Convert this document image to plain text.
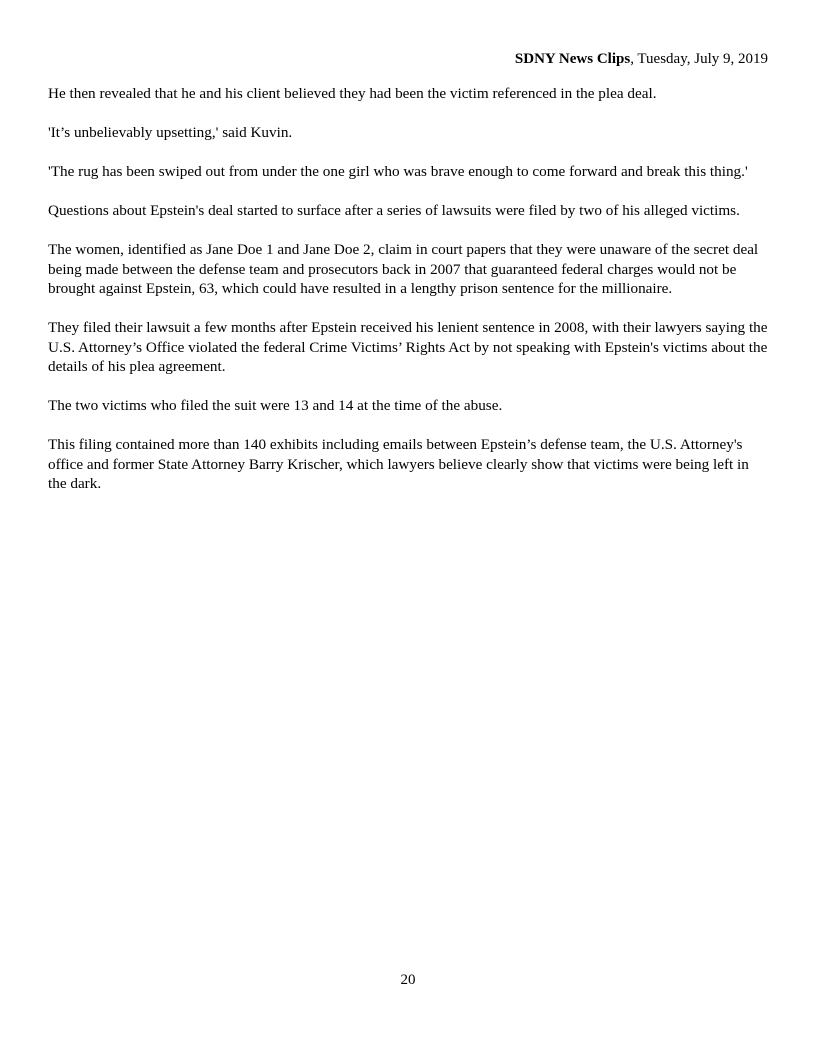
SDNY News Clips, Tuesday, July 9, 2019

He then revealed that he and his client believed they had been the victim referenced in the plea deal.

'It’s unbelievably upsetting,' said Kuvin.

'The rug has been swiped out from under the one girl who was brave enough to come forward and break this thing.'

Questions about Epstein's deal started to surface after a series of lawsuits were filed by two of his alleged victims.

The women, identified as Jane Doe 1 and Jane Doe 2, claim in court papers that they were unaware of the secret deal being made between the defense team and prosecutors back in 2007 that guaranteed federal charges would not be brought against Epstein, 63, which could have resulted in a lengthy prison sentence for the millionaire.

They filed their lawsuit a few months after Epstein received his lenient sentence in 2008, with their lawyers saying the U.S. Attorney’s Office violated the federal Crime Victims’ Rights Act by not speaking with Epstein's victims about the details of his plea agreement.

The two victims who filed the suit were 13 and 14 at the time of the abuse.

This filing contained more than 140 exhibits including emails between Epstein’s defense team, the U.S. Attorney's office and former State Attorney Barry Krischer, which lawyers believe clearly show that victims were being left in the dark.

20
